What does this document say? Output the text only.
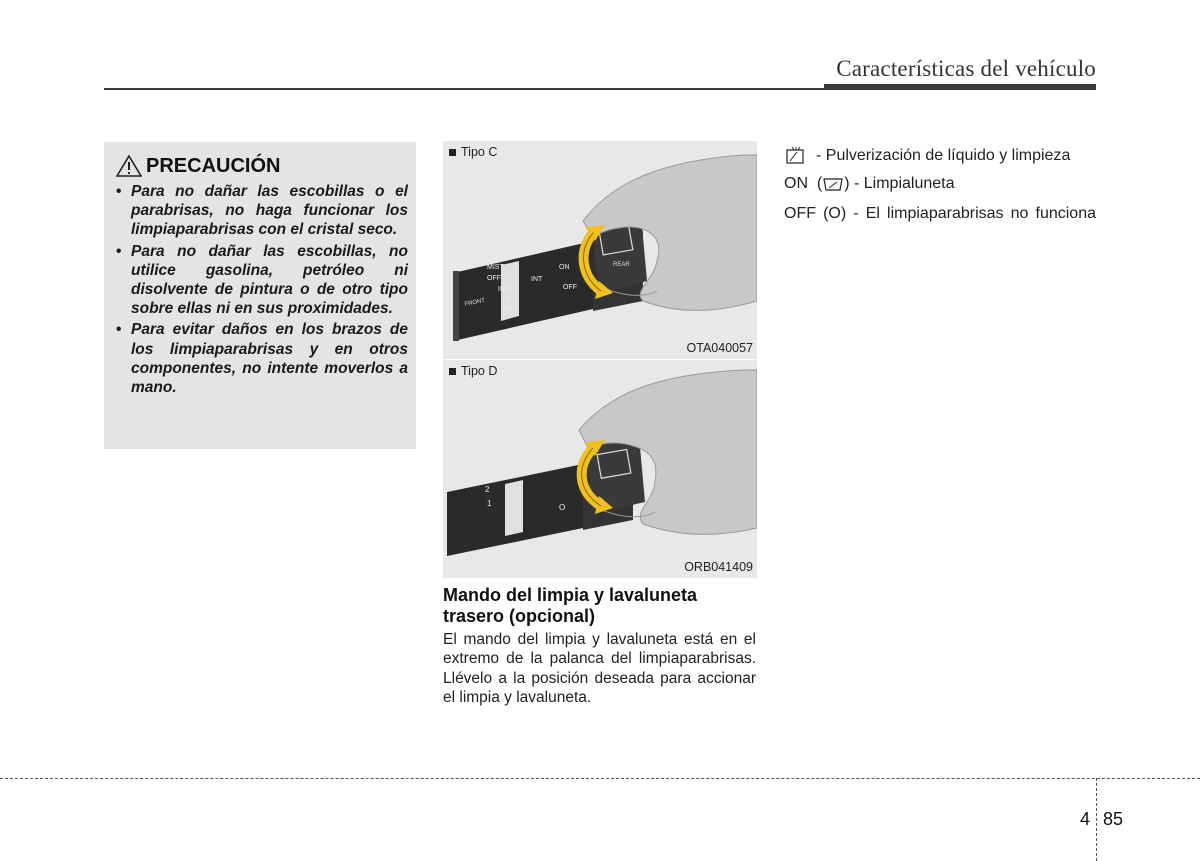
Características del vehículo
PRECAUCIÓN
• Para no dañar las escobillas o el parabrisas, no haga funcionar los limpiaparabrisas con el cristal seco.
• Para no dañar las escobillas, no utilice gasolina, petróleo ni disolvente de pintura o de otro tipo sobre ellas ni en sus proximidades.
• Para evitar daños en los brazos de los limpiaparabrisas y en otros componentes, no intente moverlos a mano.
FRONT
MIST
OFF
INT
LO
HI
INT
ON
OFF
REAR
Tipo C
OTA040057
2
1	O
Tipo D
ORB041409
Mando del limpia y lavaluneta trasero (opcional)
El mando del limpia y lavaluneta está en el extremo de la palanca del limpiaparabrisas. Llévelo a la posición deseada para accionar el limpia y lavaluneta.
- Pulverización de líquido y limpieza
ON  ( ) - Limpialuneta
OFF (O) - El limpiaparabrisas no funciona
4 85
